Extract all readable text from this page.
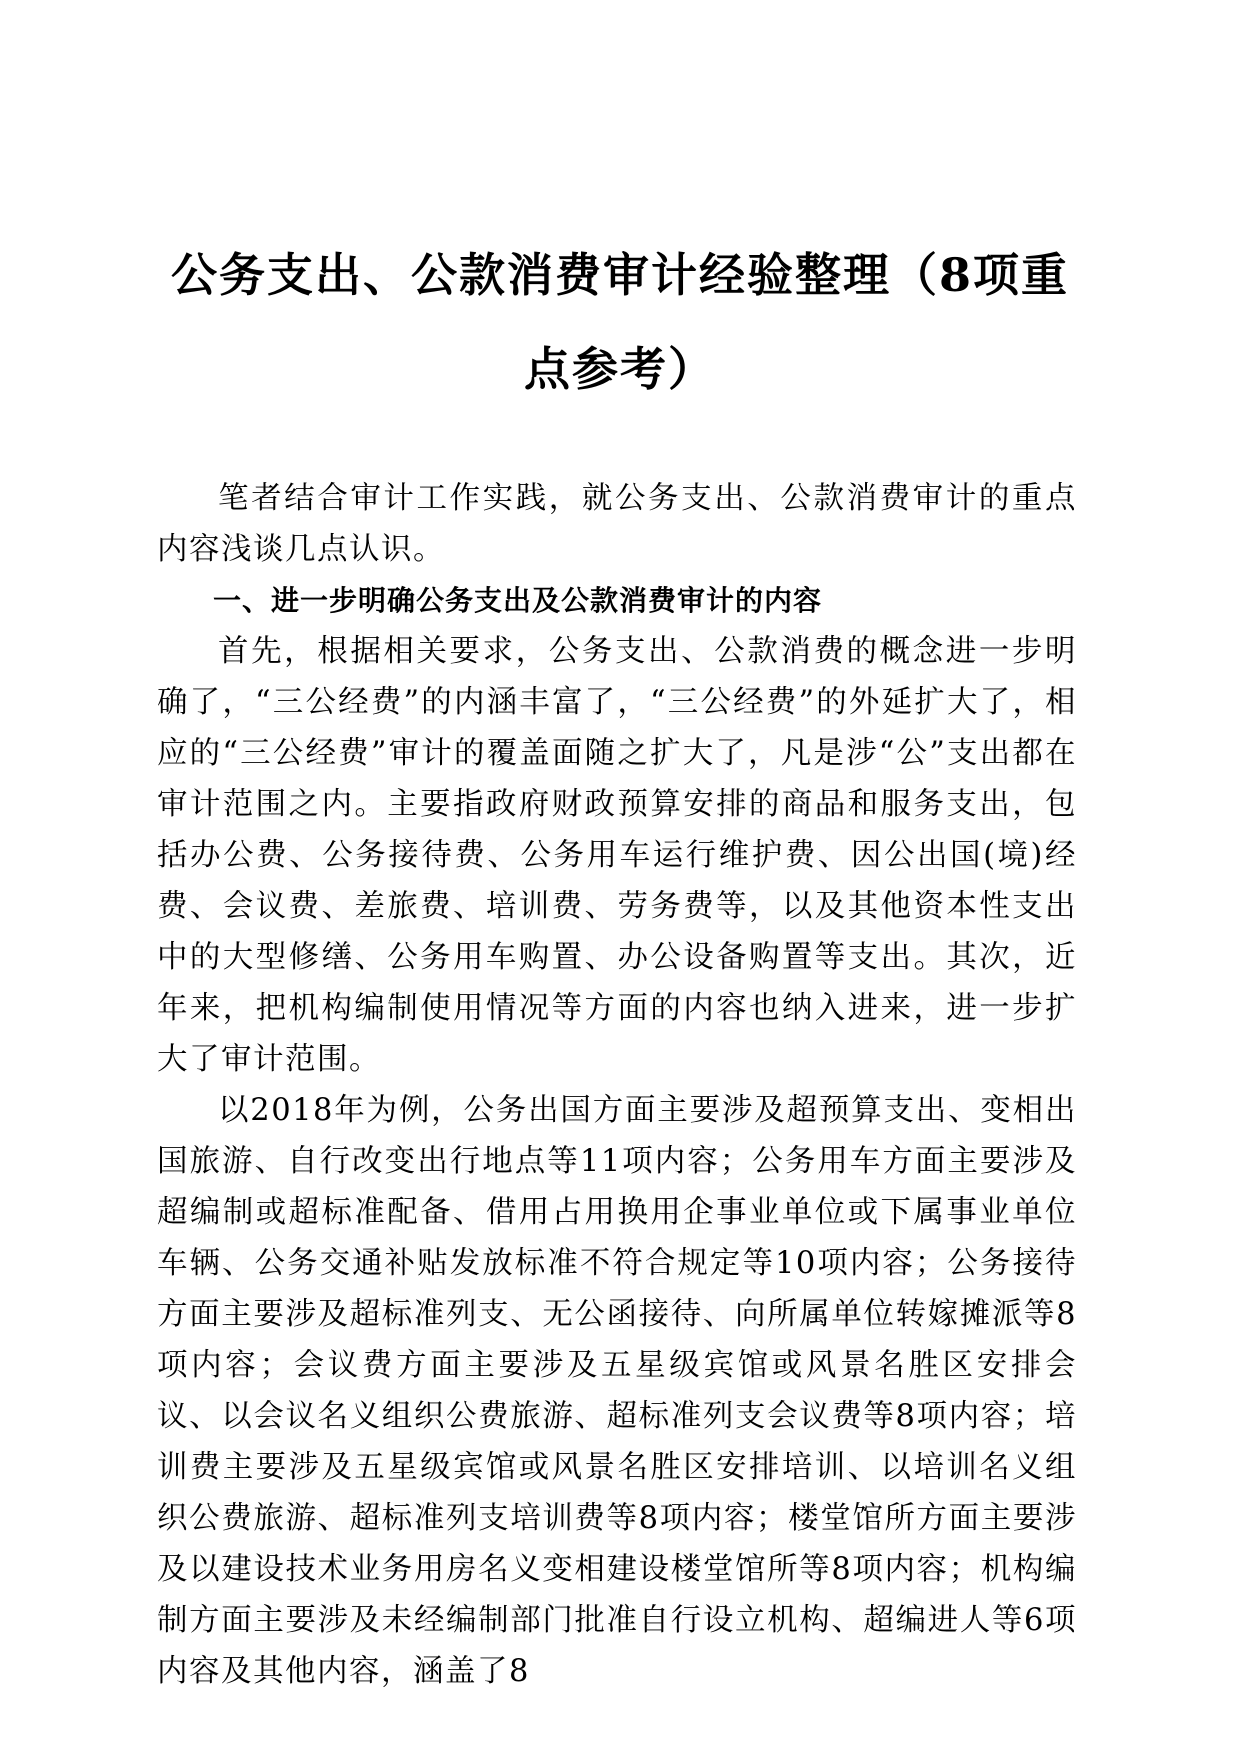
公务支出、公款消费审计经验整理（8项重点参考）

笔者结合审计工作实践，就公务支出、公款消费审计的重点内容浅谈几点认识。

一、进一步明确公务支出及公款消费审计的内容

首先，根据相关要求，公务支出、公款消费的概念进一步明确了，“三公经费”的内涵丰富了，“三公经费”的外延扩大了，相应的“三公经费”审计的覆盖面随之扩大了，凡是涉“公”支出都在审计范围之内。主要指政府财政预算安排的商品和服务支出，包括办公费、公务接待费、公务用车运行维护费、因公出国(境)经费、会议费、差旅费、培训费、劳务费等，以及其他资本性支出中的大型修缮、公务用车购置、办公设备购置等支出。其次，近年来，把机构编制使用情况等方面的内容也纳入进来，进一步扩大了审计范围。

以2018年为例，公务出国方面主要涉及超预算支出、变相出国旅游、自行改变出行地点等11项内容；公务用车方面主要涉及超编制或超标准配备、借用占用换用企事业单位或下属事业单位车辆、公务交通补贴发放标准不符合规定等10项内容；公务接待方面主要涉及超标准列支、无公函接待、向所属单位转嫁摊派等8项内容；会议费方面主要涉及五星级宾馆或风景名胜区安排会议、以会议名义组织公费旅游、超标准列支会议费等8项内容；培训费主要涉及五星级宾馆或风景名胜区安排培训、以培训名义组织公费旅游、超标准列支培训费等8项内容；楼堂馆所方面主要涉及以建设技术业务用房名义变相建设楼堂馆所等8项内容；机构编制方面主要涉及未经编制部门批准自行设立机构、超编进人等6项内容及其他内容，涵盖了8
